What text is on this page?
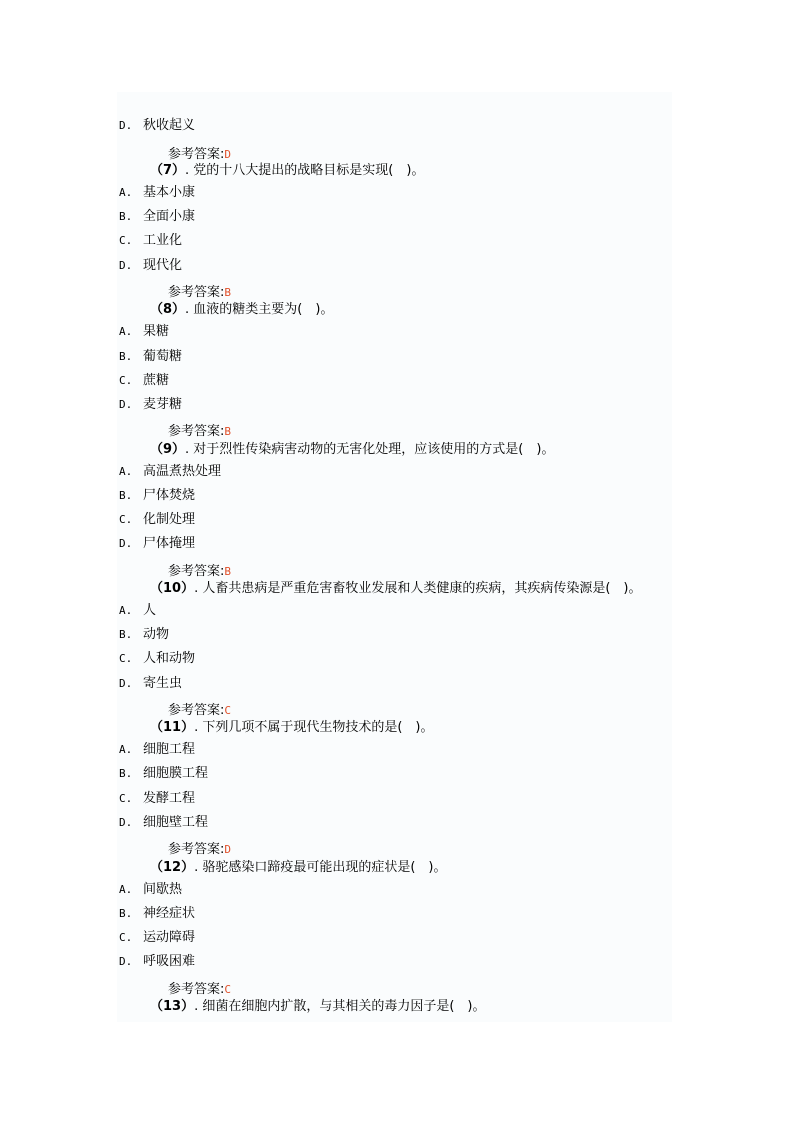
D. 秋收起义
参考答案:D
（7）. 党的十八大提出的战略目标是实现(　)。
A. 基本小康
B. 全面小康
C. 工业化
D. 现代化
参考答案:B
（8）. 血液的糖类主要为(　)。
A. 果糖
B. 葡萄糖
C. 蔗糖
D. 麦芽糖
参考答案:B
（9）. 对于烈性传染病害动物的无害化处理，应该使用的方式是(　)。
A. 高温煮热处理
B. 尸体焚烧
C. 化制处理
D. 尸体掩埋
参考答案:B
（10）. 人畜共患病是严重危害畜牧业发展和人类健康的疾病，其疾病传染源是(　)。
A. 人
B. 动物
C. 人和动物
D. 寄生虫
参考答案:C
（11）. 下列几项不属于现代生物技术的是(　)。
A. 细胞工程
B. 细胞膜工程
C. 发酵工程
D. 细胞壁工程
参考答案:D
（12）. 骆驼感染口蹄疫最可能出现的症状是(　)。
A. 间歇热
B. 神经症状
C. 运动障碍
D. 呼吸困难
参考答案:C
（13）. 细菌在细胞内扩散，与其相关的毒力因子是(　)。
